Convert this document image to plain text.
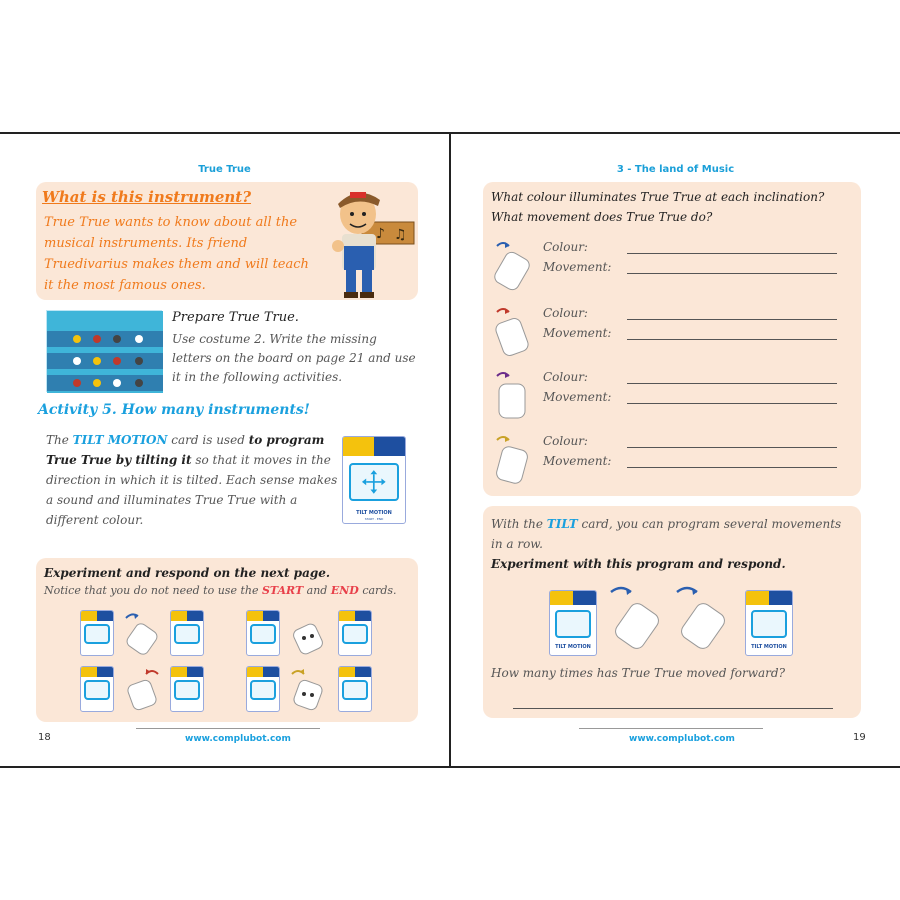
True True
What is this instrument?
True True wants to know about all the musical instruments. Its friend Truedivarius makes them and will teach it the most famous ones.
♪ ♫
Prepare True True.
Use costume 2. Write the missing letters on the board on page 21 and use it in the following activities.
Activity 5. How many instruments!
The TILT MOTION card is used to program True True by tilting it so that it moves in the direction in which it is tilted. Each sense makes a sound and illuminates True True with a different colour.	TILT MOTION
START · END
Experiment and respond on the next page.
Notice that you do not need to use the START and END cards.
18	www.complubot.com
3 - The land of Music
What colour illuminates True True at each inclination?
What movement does True True do?
Colour:
Movement:
Colour:
Movement:
Colour:
Movement:
Colour:
Movement:
With the TILT card, you can program several movements in a row.
Experiment with this program and respond.
TILT MOTION	TILT MOTION
How many times has True True moved forward?
19
www.complubot.com
